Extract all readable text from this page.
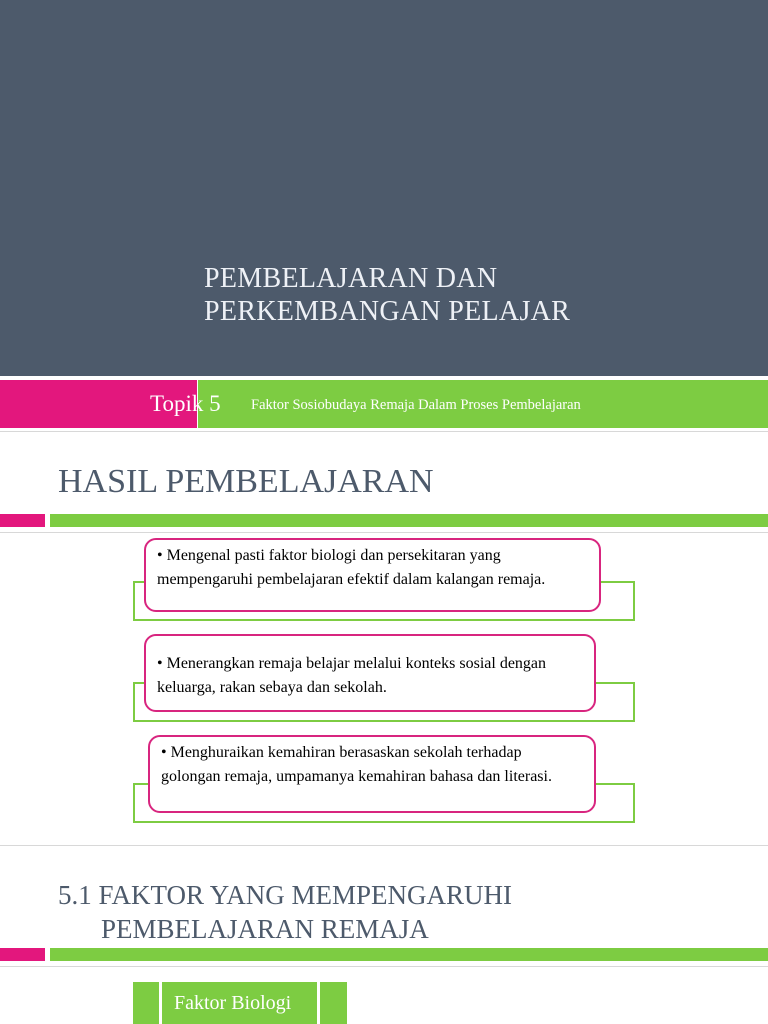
PEMBELAJARAN DAN
PERKEMBANGAN PELAJAR
Topik 5 Faktor Sosiobudaya Remaja Dalam Proses Pembelajaran
HASIL PEMBELAJARAN
• Mengenal pasti faktor biologi dan persekitaran yang mempengaruhi pembelajaran efektif dalam kalangan remaja.
• Menerangkan remaja belajar melalui konteks sosial dengan keluarga, rakan sebaya dan sekolah.
• Menghuraikan kemahiran berasaskan sekolah terhadap golongan remaja, umpamanya kemahiran bahasa dan literasi.
5.1 FAKTOR YANG MEMPENGARUHI
PEMBELAJARAN REMAJA
Faktor Biologi
